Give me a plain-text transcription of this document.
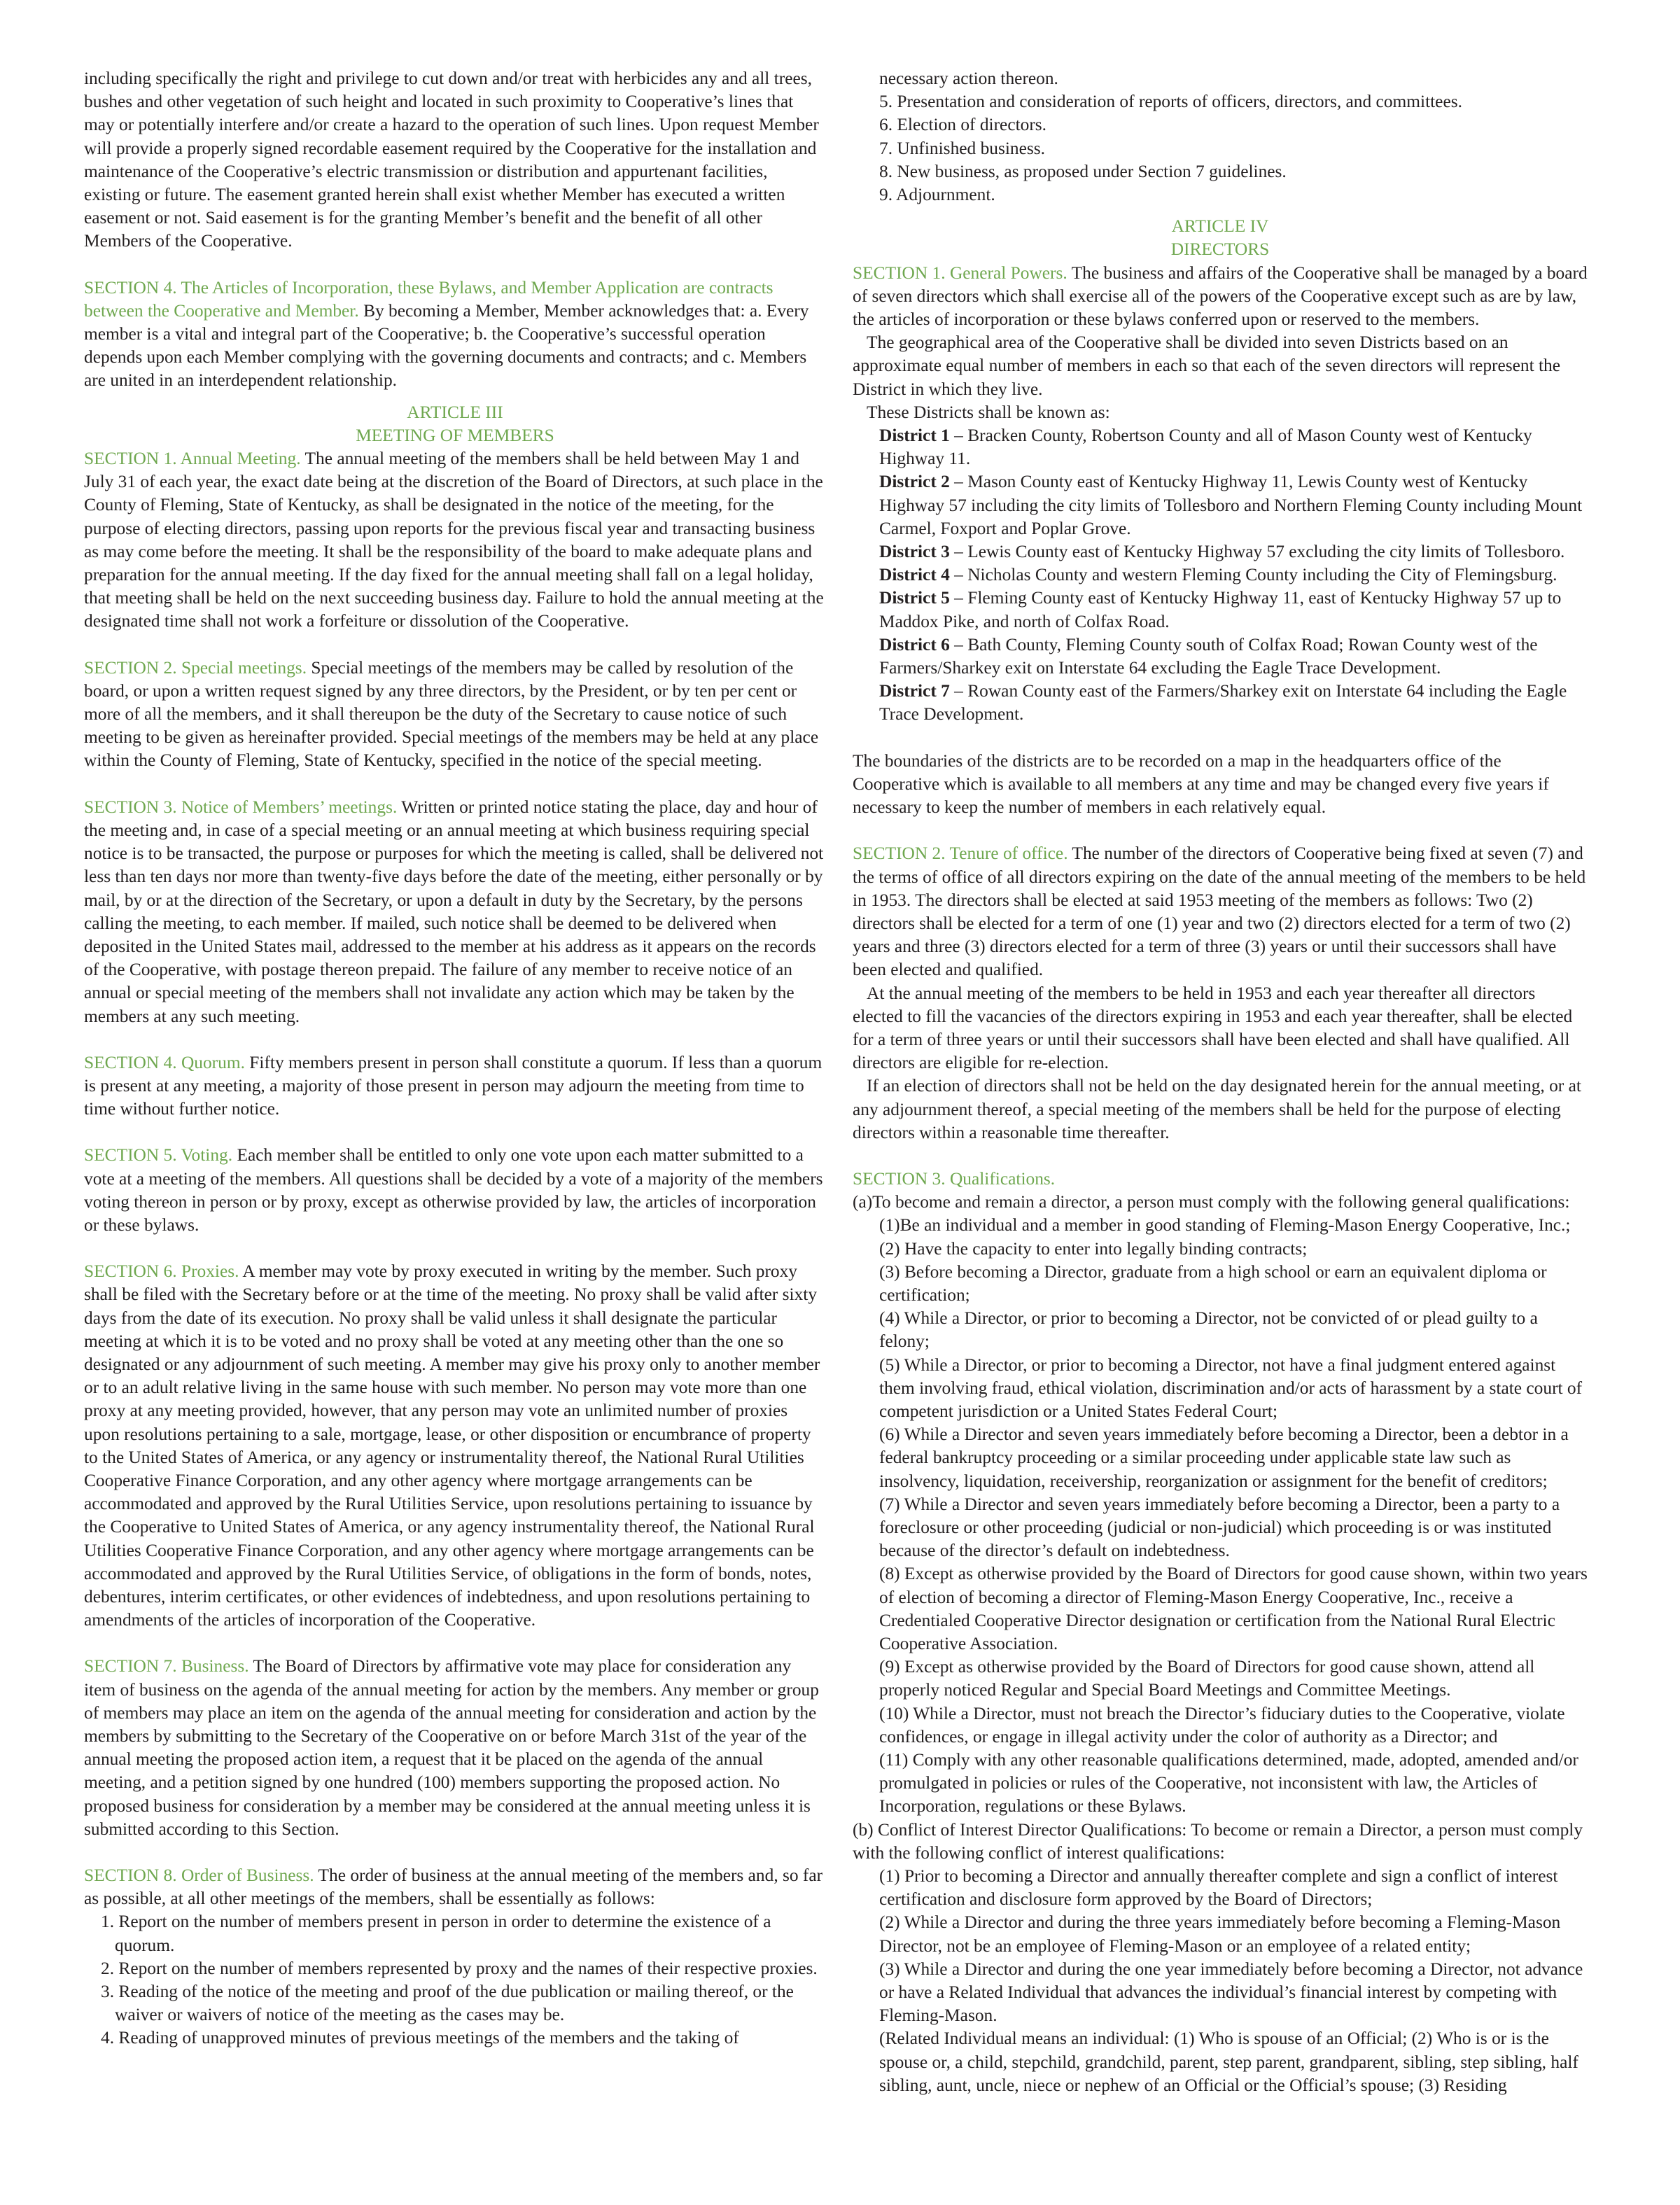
including specifically the right and privilege to cut down and/or treat with herbicides any and all trees, bushes and other vegetation of such height and located in such proximity to Cooperative’s lines that may or potentially interfere and/or create a hazard to the operation of such lines. Upon request Member will provide a properly signed recordable easement required by the Cooperative for the installation and maintenance of the Cooperative’s electric transmission or distribution and appurtenant facilities, existing or future. The easement granted herein shall exist whether Member has executed a written easement or not. Said easement is for the granting Member’s benefit and the benefit of all other Members of the Cooperative.

SECTION 4. The Articles of Incorporation, these Bylaws, and Member Application are contracts between the Cooperative and Member. By becoming a Member, Member acknowledges that: a. Every member is a vital and integral part of the Cooperative; b. the Cooperative’s successful operation depends upon each Member complying with the governing documents and contracts; and c. Members are united in an interdependent relationship.

ARTICLE III

MEETING OF MEMBERS

SECTION 1. Annual Meeting. The annual meeting of the members shall be held between May 1 and July 31 of each year, the exact date being at the discretion of the Board of Directors, at such place in the County of Fleming, State of Kentucky, as shall be designated in the notice of the meeting, for the purpose of electing directors, passing upon reports for the previous fiscal year and transacting business as may come before the meeting. It shall be the responsibility of the board to make adequate plans and preparation for the annual meeting. If the day fixed for the annual meeting shall fall on a legal holiday, that meeting shall be held on the next succeeding business day. Failure to hold the annual meeting at the designated time shall not work a forfeiture or dissolution of the Cooperative.

SECTION 2. Special meetings. Special meetings of the members may be called by resolution of the board, or upon a written request signed by any three directors, by the President, or by ten per cent or more of all the members, and it shall thereupon be the duty of the Secretary to cause notice of such meeting to be given as hereinafter provided. Special meetings of the members may be held at any place within the County of Fleming, State of Kentucky, specified in the notice of the special meeting.

SECTION 3. Notice of Members’ meetings. Written or printed notice stating the place, day and hour of the meeting and, in case of a special meeting or an annual meeting at which business requiring special notice is to be transacted, the purpose or purposes for which the meeting is called, shall be delivered not less than ten days nor more than twenty-five days before the date of the meeting, either personally or by mail, by or at the direction of the Secretary, or upon a default in duty by the Secretary, by the persons calling the meeting, to each member. If mailed, such notice shall be deemed to be delivered when deposited in the United States mail, addressed to the member at his address as it appears on the records of the Cooperative, with postage thereon prepaid. The failure of any member to receive notice of an annual or special meeting of the members shall not invalidate any action which may be taken by the members at any such meeting.

SECTION 4. Quorum. Fifty members present in person shall constitute a quorum. If less than a quorum is present at any meeting, a majority of those present in person may adjourn the meeting from time to time without further notice.

SECTION 5. Voting. Each member shall be entitled to only one vote upon each matter submitted to a vote at a meeting of the members. All questions shall be decided by a vote of a majority of the members voting thereon in person or by proxy, except as otherwise provided by law, the articles of incorporation or these bylaws.

SECTION 6. Proxies. A member may vote by proxy executed in writing by the member. Such proxy shall be filed with the Secretary before or at the time of the meeting. No proxy shall be valid after sixty days from the date of its execution. No proxy shall be valid unless it shall designate the particular meeting at which it is to be voted and no proxy shall be voted at any meeting other than the one so designated or any adjournment of such meeting. A member may give his proxy only to another member or to an adult relative living in the same house with such member. No person may vote more than one proxy at any meeting provided, however, that any person may vote an unlimited number of proxies upon resolutions pertaining to a sale, mortgage, lease, or other disposition or encumbrance of property to the United States of America, or any agency or instrumentality thereof, the National Rural Utilities Cooperative Finance Corporation, and any other agency where mortgage arrangements can be accommodated and approved by the Rural Utilities Service, upon resolutions pertaining to issuance by the Cooperative to United States of America, or any agency instrumentality thereof, the National Rural Utilities Cooperative Finance Corporation, and any other agency where mortgage arrangements can be accommodated and approved by the Rural Utilities Service, of obligations in the form of bonds, notes, debentures, interim certificates, or other evidences of indebtedness, and upon resolutions pertaining to amendments of the articles of incorporation of the Cooperative.

SECTION 7. Business. The Board of Directors by affirmative vote may place for consideration any item of business on the agenda of the annual meeting for action by the members. Any member or group of members may place an item on the agenda of the annual meeting for consideration and action by the members by submitting to the Secretary of the Cooperative on or before March 31st of the year of the annual meeting the proposed action item, a request that it be placed on the agenda of the annual meeting, and a petition signed by one hundred (100) members supporting the proposed action. No proposed business for consideration by a member may be considered at the annual meeting unless it is submitted according to this Section.

SECTION 8. Order of Business. The order of business at the annual meeting of the members and, so far as possible, at all other meetings of the members, shall be essentially as follows:

1. Report on the number of members present in person in order to determine the existence of a quorum.

2. Report on the number of members represented by proxy and the names of their respective proxies.

3. Reading of the notice of the meeting and proof of the due publication or mailing thereof, or the waiver or waivers of notice of the meeting as the cases may be.

4. Reading of unapproved minutes of previous meetings of the members and the taking of

necessary action thereon.

5. Presentation and consideration of reports of officers, directors, and committees.

6. Election of directors.

7. Unfinished business.

8. New business, as proposed under Section 7 guidelines.

9. Adjournment.

ARTICLE IV

DIRECTORS

SECTION 1. General Powers. The business and affairs of the Cooperative shall be managed by a board of seven directors which shall exercise all of the powers of the Cooperative except such as are by law, the articles of incorporation or these bylaws conferred upon or reserved to the members.

The geographical area of the Cooperative shall be divided into seven Districts based on an approximate equal number of members in each so that each of the seven directors will represent the District in which they live.

These Districts shall be known as:

District 1 – Bracken County, Robertson County and all of Mason County west of Kentucky Highway 11.

District 2 – Mason County east of Kentucky Highway 11, Lewis County west of Kentucky Highway 57 including the city limits of Tollesboro and Northern Fleming County including Mount Carmel, Foxport and Poplar Grove.

District 3 – Lewis County east of Kentucky Highway 57 excluding the city limits of Tollesboro.

District 4 – Nicholas County and western Fleming County including the City of Flemingsburg.

District 5 – Fleming County east of Kentucky Highway 11, east of Kentucky Highway 57 up to Maddox Pike, and north of Colfax Road.

District 6 – Bath County, Fleming County south of Colfax Road; Rowan County west of the Farmers/Sharkey exit on Interstate 64 excluding the Eagle Trace Development.

District 7 – Rowan County east of the Farmers/Sharkey exit on Interstate 64 including the Eagle Trace Development.

The boundaries of the districts are to be recorded on a map in the headquarters office of the Cooperative which is available to all members at any time and may be changed every five years if necessary to keep the number of members in each relatively equal.

SECTION 2. Tenure of office. The number of the directors of Cooperative being fixed at seven (7) and the terms of office of all directors expiring on the date of the annual meeting of the members to be held in 1953. The directors shall be elected at said 1953 meeting of the members as follows: Two (2) directors shall be elected for a term of one (1) year and two (2) directors elected for a term of two (2) years and three (3) directors elected for a term of three (3) years or until their successors shall have been elected and qualified.

At the annual meeting of the members to be held in 1953 and each year thereafter all directors elected to fill the vacancies of the directors expiring in 1953 and each year thereafter, shall be elected for a term of three years or until their successors shall have been elected and shall have qualified. All directors are eligible for re-election.

If an election of directors shall not be held on the day designated herein for the annual meeting, or at any adjournment thereof, a special meeting of the members shall be held for the purpose of electing directors within a reasonable time thereafter.

SECTION 3. Qualifications.

(a)To become and remain a director, a person must comply with the following general qualifications:

(1)Be an individual and a member in good standing of Fleming-Mason Energy Cooperative, Inc.;

(2) Have the capacity to enter into legally binding contracts;

(3) Before becoming a Director, graduate from a high school or earn an equivalent diploma or certification;

(4) While a Director, or prior to becoming a Director, not be convicted of or plead guilty to a felony;

(5) While a Director, or prior to becoming a Director, not have a final judgment entered against them involving fraud, ethical violation, discrimination and/or acts of harassment by a state court of competent jurisdiction or a United States Federal Court;

(6) While a Director and seven years immediately before becoming a Director, been a debtor in a federal bankruptcy proceeding or a similar proceeding under applicable state law such as insolvency, liquidation, receivership, reorganization or assignment for the benefit of creditors;

(7) While a Director and seven years immediately before becoming a Director, been a party to a foreclosure or other proceeding (judicial or non-judicial) which proceeding is or was instituted because of the director’s default on indebtedness.

(8) Except as otherwise provided by the Board of Directors for good cause shown, within two years of election of becoming a director of Fleming-Mason Energy Cooperative, Inc., receive a Credentialed Cooperative Director designation or certification from the National Rural Electric Cooperative Association.

(9) Except as otherwise provided by the Board of Directors for good cause shown, attend all properly noticed Regular and Special Board Meetings and Committee Meetings.

(10) While a Director, must not breach the Director’s fiduciary duties to the Cooperative, violate confidences, or engage in illegal activity under the color of authority as a Director; and

(11) Comply with any other reasonable qualifications determined, made, adopted, amended and/or promulgated in policies or rules of the Cooperative, not inconsistent with law, the Articles of Incorporation, regulations or these Bylaws.

(b) Conflict of Interest Director Qualifications: To become or remain a Director, a person must comply with the following conflict of interest qualifications:

(1) Prior to becoming a Director and annually thereafter complete and sign a conflict of interest certification and disclosure form approved by the Board of Directors;

(2) While a Director and during the three years immediately before becoming a Fleming-Mason Director, not be an employee of Fleming-Mason or an employee of a related entity;

(3) While a Director and during the one year immediately before becoming a Director, not advance or have a Related Individual that advances the individual’s financial interest by competing with Fleming-Mason.

(Related Individual means an individual: (1) Who is spouse of an Official; (2) Who is or is the spouse or, a child, stepchild, grandchild, parent, step parent, grandparent, sibling, step sibling, half sibling, aunt, uncle, niece or nephew of an Official or the Official’s spouse; (3) Residing
